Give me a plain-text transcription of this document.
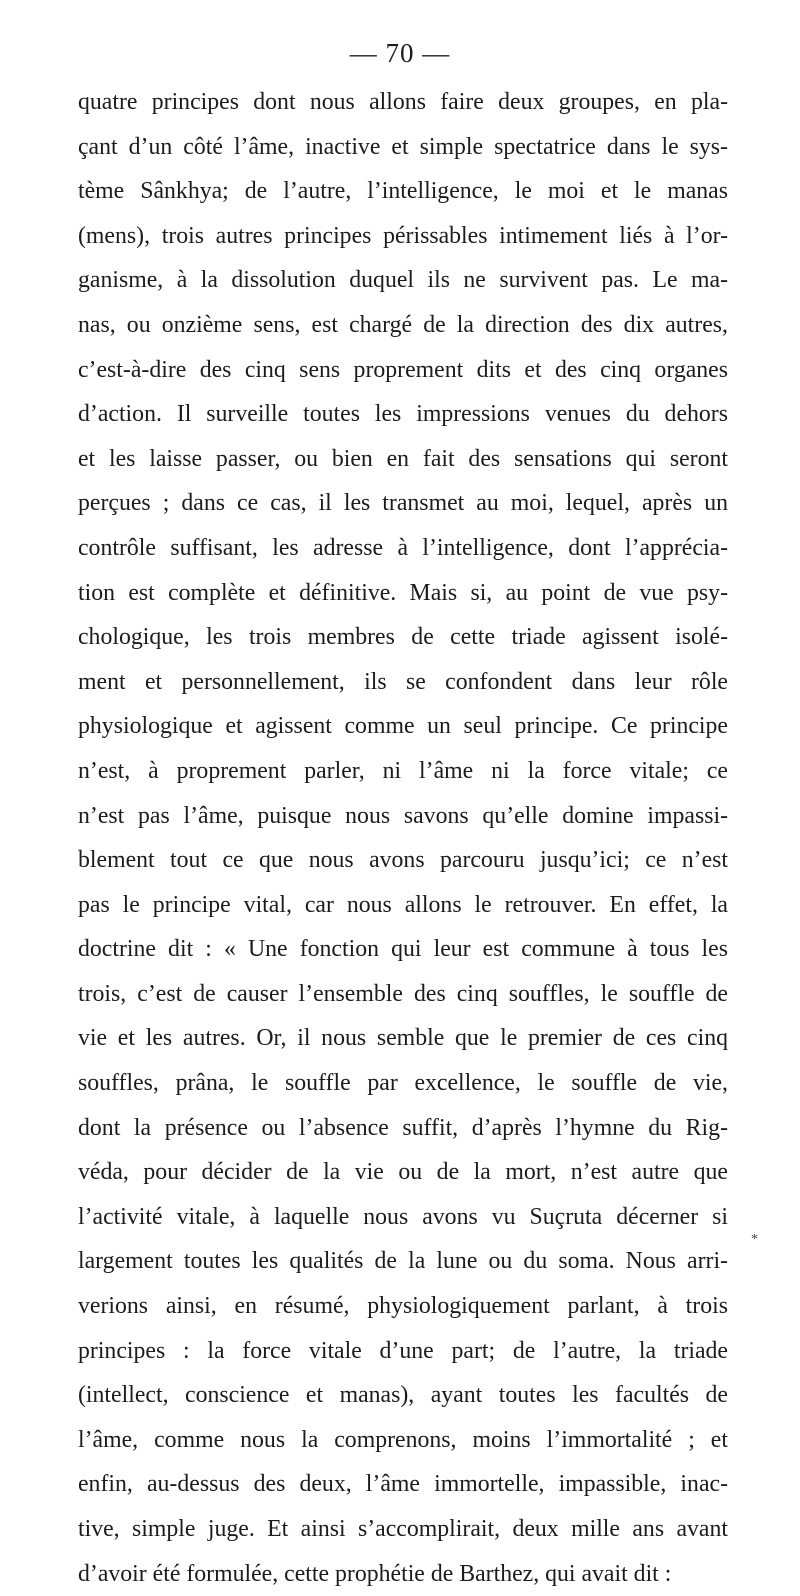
— 70 —
quatre principes dont nous allons faire deux groupes, en pla-
çant d’un côté l’âme, inactive et simple spectatrice dans le sys-
tème Sânkhya; de l’autre, l’intelligence, le moi et le manas
(mens), trois autres principes périssables intimement liés à l’or-
ganisme, à la dissolution duquel ils ne survivent pas. Le ma-
nas, ou onzième sens, est chargé de la direction des dix autres,
c’est-à-dire des cinq sens proprement dits et des cinq organes
d’action. Il surveille toutes les impressions venues du dehors
et les laisse passer, ou bien en fait des sensations qui seront
perçues ; dans ce cas, il les transmet au moi, lequel, après un
contrôle suffisant, les adresse à l’intelligence, dont l’apprécia-
tion est complète et définitive. Mais si, au point de vue psy-
chologique, les trois membres de cette triade agissent isolé-
ment et personnellement, ils se confondent dans leur rôle
physiologique et agissent comme un seul principe. Ce principe
n’est, à proprement parler, ni l’âme ni la force vitale; ce
n’est pas l’âme, puisque nous savons qu’elle domine impassi-
blement tout ce que nous avons parcouru jusqu’ici; ce n’est
pas le principe vital, car nous allons le retrouver. En effet, la
doctrine dit : « Une fonction qui leur est commune à tous les
trois, c’est de causer l’ensemble des cinq souffles, le souffle de
vie et les autres. Or, il nous semble que le premier de ces cinq
souffles, prâna, le souffle par excellence, le souffle de vie,
dont la présence ou l’absence suffit, d’après l’hymne du Rig-
véda, pour décider de la vie ou de la mort, n’est autre que
l’activité vitale, à laquelle nous avons vu Suçruta décerner si
largement toutes les qualités de la lune ou du soma. Nous arri-
verions ainsi, en résumé, physiologiquement parlant, à trois
principes : la force vitale d’une part; de l’autre, la triade
(intellect, conscience et manas), ayant toutes les facultés de
l’âme, comme nous la comprenons, moins l’immortalité ; et
enfin, au-dessus des deux, l’âme immortelle, impassible, inac-
tive, simple juge. Et ainsi s’accomplirait, deux mille ans avant
d’avoir été formulée, cette prophétie de Barthez, qui avait dit :
*
